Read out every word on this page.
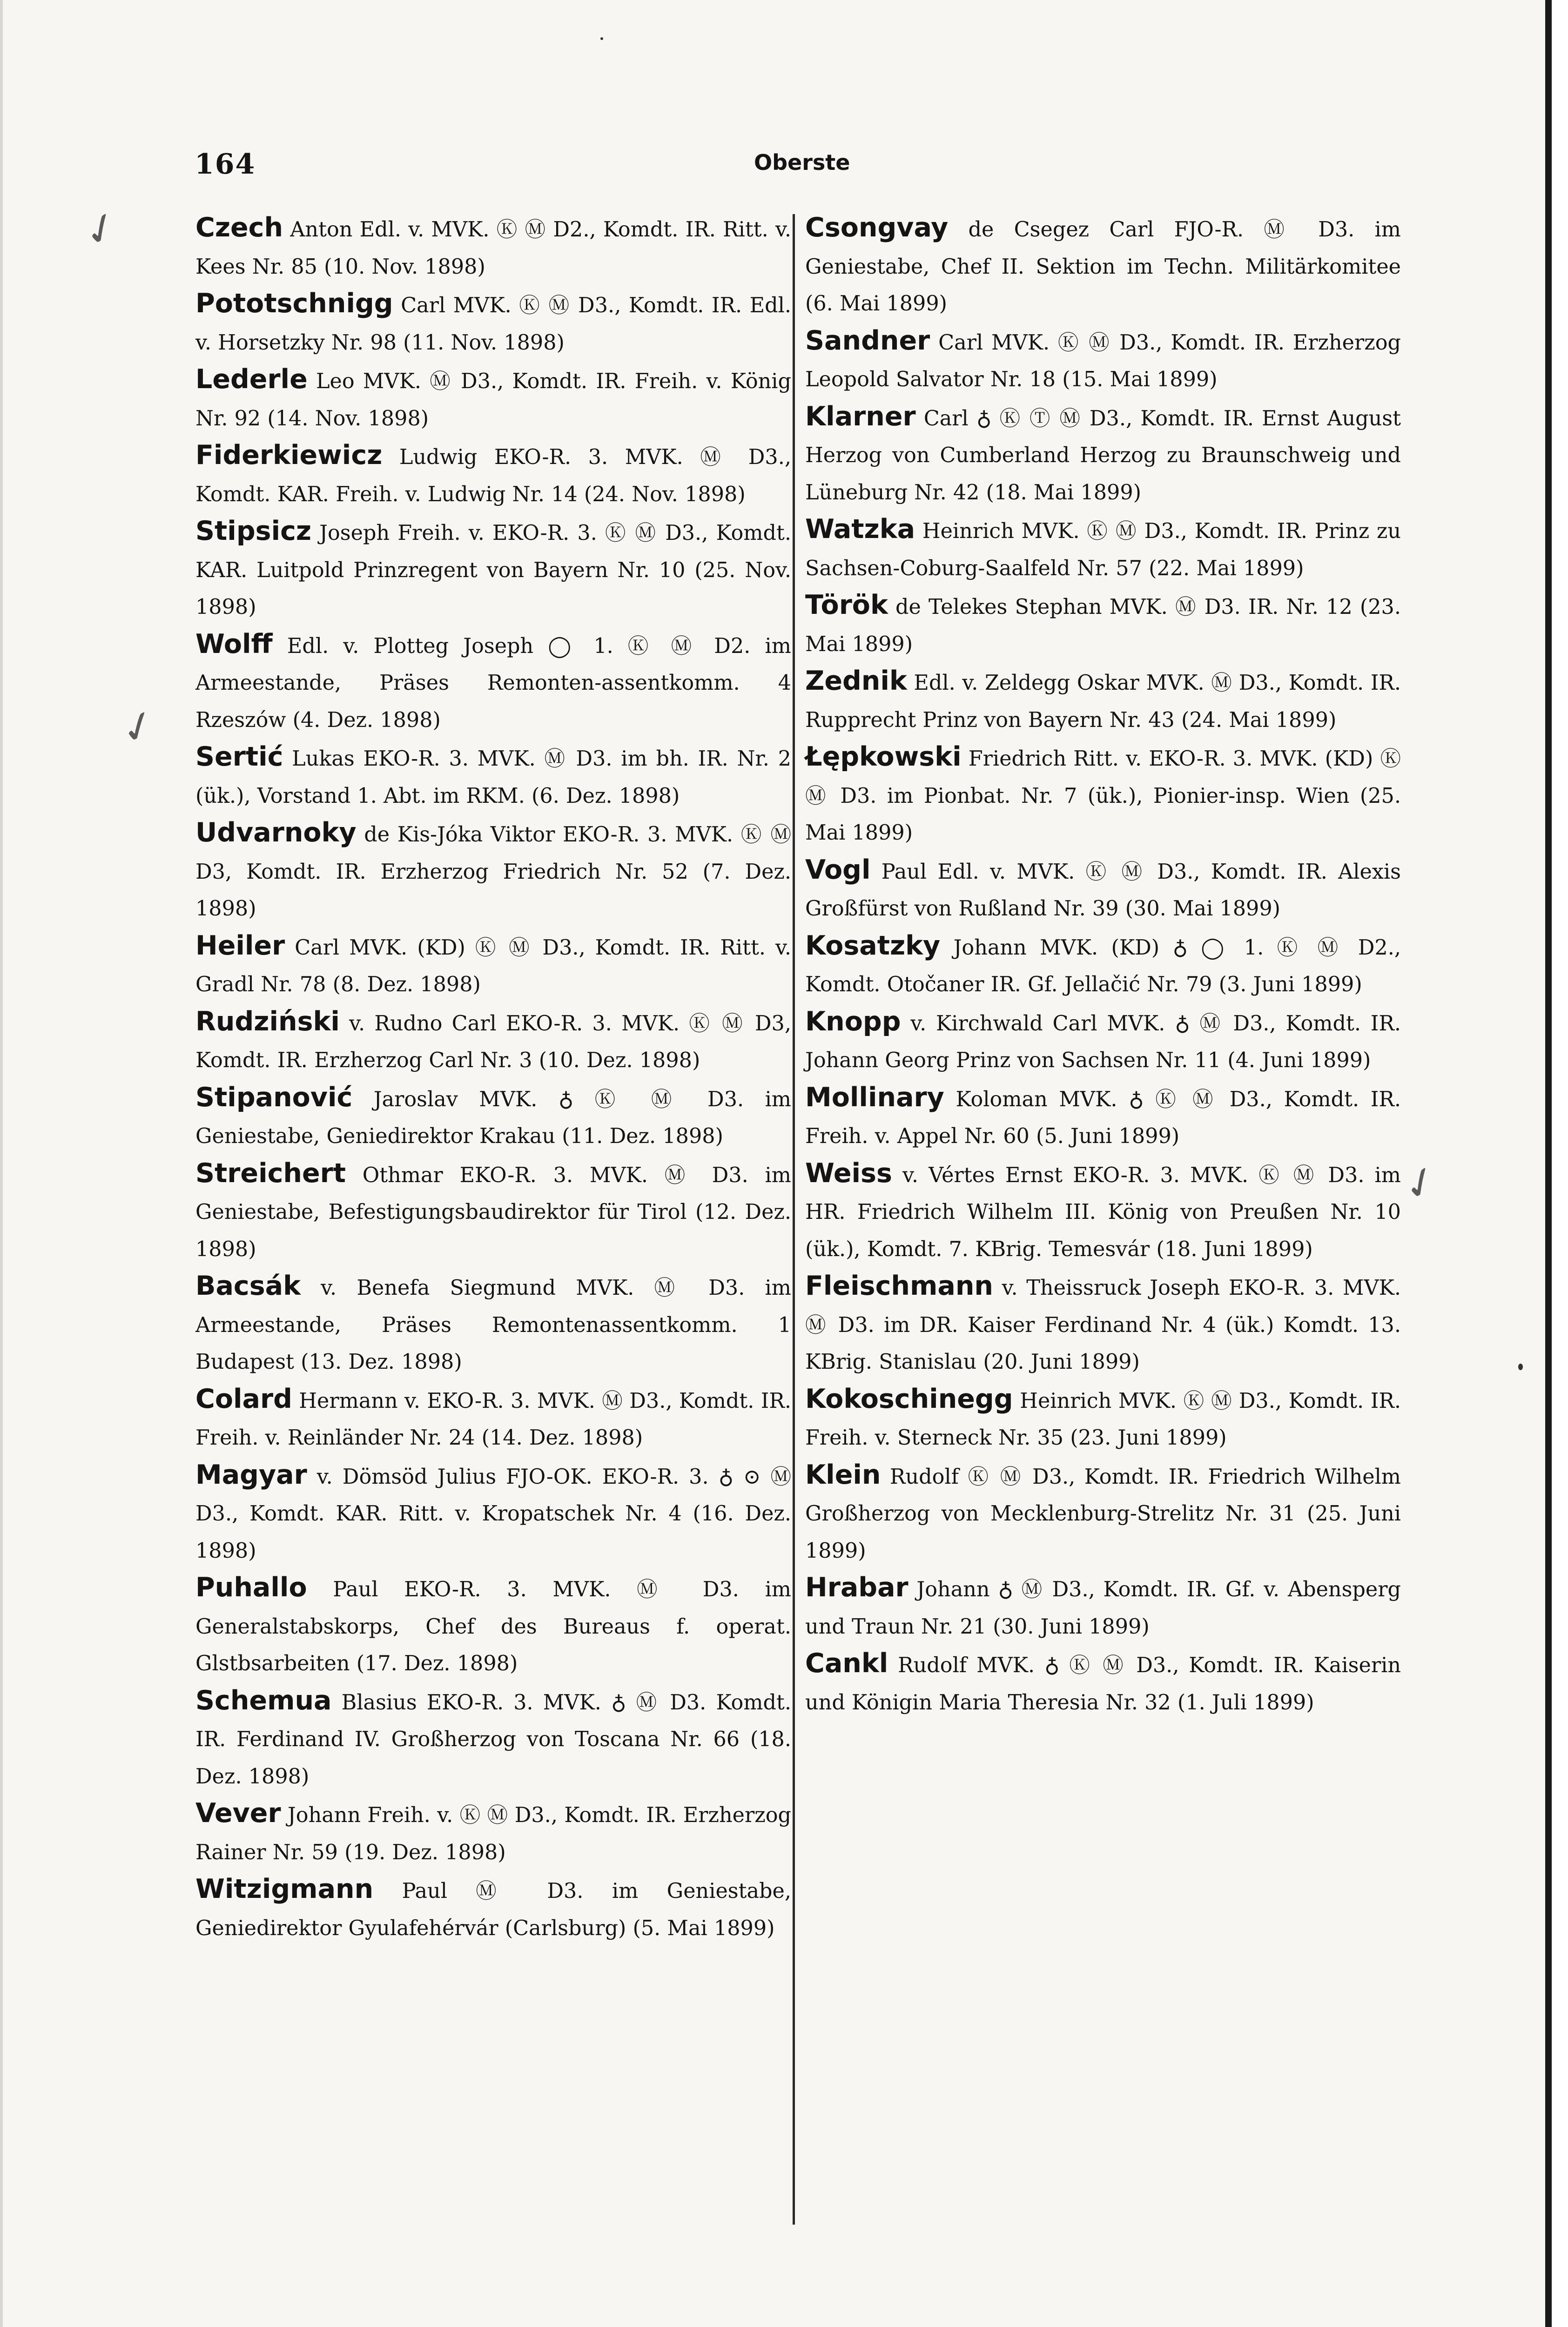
164	Oberste
✓
✓
✓

Czech Anton Edl. v. MVK. Ⓚ Ⓜ D2., Komdt. IR. Ritt. v. Kees Nr. 85 (10. Nov. 1898)

Pototschnigg Carl MVK. Ⓚ Ⓜ D3., Komdt. IR. Edl. v. Horsetzky Nr. 98 (11. Nov. 1898)

Lederle Leo MVK. Ⓜ D3., Komdt. IR. Freih. v. König Nr. 92 (14. Nov. 1898)

Fiderkiewicz Ludwig EKO-R. 3. MVK. Ⓜ D3., Komdt. KAR. Freih. v. Ludwig Nr. 14 (24. Nov. 1898)

Stipsicz Joseph Freih. v. EKO-R. 3. Ⓚ Ⓜ D3., Komdt. KAR. Luitpold Prinzregent von Bayern Nr. 10 (25. Nov. 1898)

Wolff Edl. v. Plotteg Joseph ◯ 1. Ⓚ Ⓜ D2. im Armeestande, Präses Remonten-assentkomm. 4 Rzeszów (4. Dez. 1898)

Sertić Lukas EKO-R. 3. MVK. Ⓜ D3. im bh. IR. Nr. 2 (ük.), Vorstand 1. Abt. im RKM. (6. Dez. 1898)

Udvarnoky de Kis-Jóka Viktor EKO-R. 3. MVK. Ⓚ Ⓜ D3, Komdt. IR. Erzherzog Friedrich Nr. 52 (7. Dez. 1898)

Heiler Carl MVK. (KD) Ⓚ Ⓜ D3., Komdt. IR. Ritt. v. Gradl Nr. 78 (8. Dez. 1898)

Rudziński v. Rudno Carl EKO-R. 3. MVK. Ⓚ Ⓜ D3, Komdt. IR. Erzherzog Carl Nr. 3 (10. Dez. 1898)

Stipanović Jaroslav MVK. ♁ Ⓚ Ⓜ D3. im Geniestabe, Geniedirektor Krakau (11. Dez. 1898)

Streichert Othmar EKO-R. 3. MVK. Ⓜ D3. im Geniestabe, Befestigungsbaudirektor für Tirol (12. Dez. 1898)

Bacsák v. Benefa Siegmund MVK. Ⓜ D3. im Armeestande, Präses Remontenassentkomm. 1 Budapest (13. Dez. 1898)

Colard Hermann v. EKO-R. 3. MVK. Ⓜ D3., Komdt. IR. Freih. v. Reinländer Nr. 24 (14. Dez. 1898)

Magyar v. Dömsöd Julius FJO-OK. EKO-R. 3. ♁ ⊙ Ⓜ D3., Komdt. KAR. Ritt. v. Kropatschek Nr. 4 (16. Dez. 1898)

Puhallo Paul EKO-R. 3. MVK. Ⓜ D3. im Generalstabskorps, Chef des Bureaus f. operat. Glstbsarbeiten (17. Dez. 1898)

Schemua Blasius EKO-R. 3. MVK. ♁ Ⓜ D3. Komdt. IR. Ferdinand IV. Großherzog von Toscana Nr. 66 (18. Dez. 1898)

Vever Johann Freih. v. Ⓚ Ⓜ D3., Komdt. IR. Erzherzog Rainer Nr. 59 (19. Dez. 1898)

Witzigmann Paul Ⓜ D3. im Geniestabe, Geniedirektor Gyulafehérvár (Carlsburg) (5. Mai 1899)

Csongvay de Csegez Carl FJO-R. Ⓜ D3. im Geniestabe, Chef II. Sektion im Techn. Militärkomitee (6. Mai 1899)

Sandner Carl MVK. Ⓚ Ⓜ D3., Komdt. IR. Erzherzog Leopold Salvator Nr. 18 (15. Mai 1899)

Klarner Carl ♁ Ⓚ Ⓣ Ⓜ D3., Komdt. IR. Ernst August Herzog von Cumberland Herzog zu Braunschweig und Lüneburg Nr. 42 (18. Mai 1899)

Watzka Heinrich MVK. Ⓚ Ⓜ D3., Komdt. IR. Prinz zu Sachsen-Coburg-Saalfeld Nr. 57 (22. Mai 1899)

Török de Telekes Stephan MVK. Ⓜ D3. IR. Nr. 12 (23. Mai 1899)

Zednik Edl. v. Zeldegg Oskar MVK. Ⓜ D3., Komdt. IR. Rupprecht Prinz von Bayern Nr. 43 (24. Mai 1899)

Łępkowski Friedrich Ritt. v. EKO-R. 3. MVK. (KD) Ⓚ Ⓜ D3. im Pionbat. Nr. 7 (ük.), Pionier-insp. Wien (25. Mai 1899)

Vogl Paul Edl. v. MVK. Ⓚ Ⓜ D3., Komdt. IR. Alexis Großfürst von Rußland Nr. 39 (30. Mai 1899)

Kosatzky Johann MVK. (KD) ♁ ◯ 1. Ⓚ Ⓜ D2., Komdt. Otočaner IR. Gf. Jellačić Nr. 79 (3. Juni 1899)

Knopp v. Kirchwald Carl MVK. ♁ Ⓜ D3., Komdt. IR. Johann Georg Prinz von Sachsen Nr. 11 (4. Juni 1899)

Mollinary Koloman MVK. ♁ Ⓚ Ⓜ D3., Komdt. IR. Freih. v. Appel Nr. 60 (5. Juni 1899)

Weiss v. Vértes Ernst EKO-R. 3. MVK. Ⓚ Ⓜ D3. im HR. Friedrich Wilhelm III. König von Preußen Nr. 10 (ük.), Komdt. 7. KBrig. Temesvár (18. Juni 1899)

Fleischmann v. Theissruck Joseph EKO-R. 3. MVK. Ⓜ D3. im DR. Kaiser Ferdinand Nr. 4 (ük.) Komdt. 13. KBrig. Stanislau (20. Juni 1899)

Kokoschinegg Heinrich MVK. Ⓚ Ⓜ D3., Komdt. IR. Freih. v. Sterneck Nr. 35 (23. Juni 1899)

Klein Rudolf Ⓚ Ⓜ D3., Komdt. IR. Friedrich Wilhelm Großherzog von Mecklenburg-Strelitz Nr. 31 (25. Juni 1899)

Hrabar Johann ♁ Ⓜ D3., Komdt. IR. Gf. v. Abensperg und Traun Nr. 21 (30. Juni 1899)

Cankl Rudolf MVK. ♁ Ⓚ Ⓜ D3., Komdt. IR. Kaiserin und Königin Maria Theresia Nr. 32 (1. Juli 1899)
